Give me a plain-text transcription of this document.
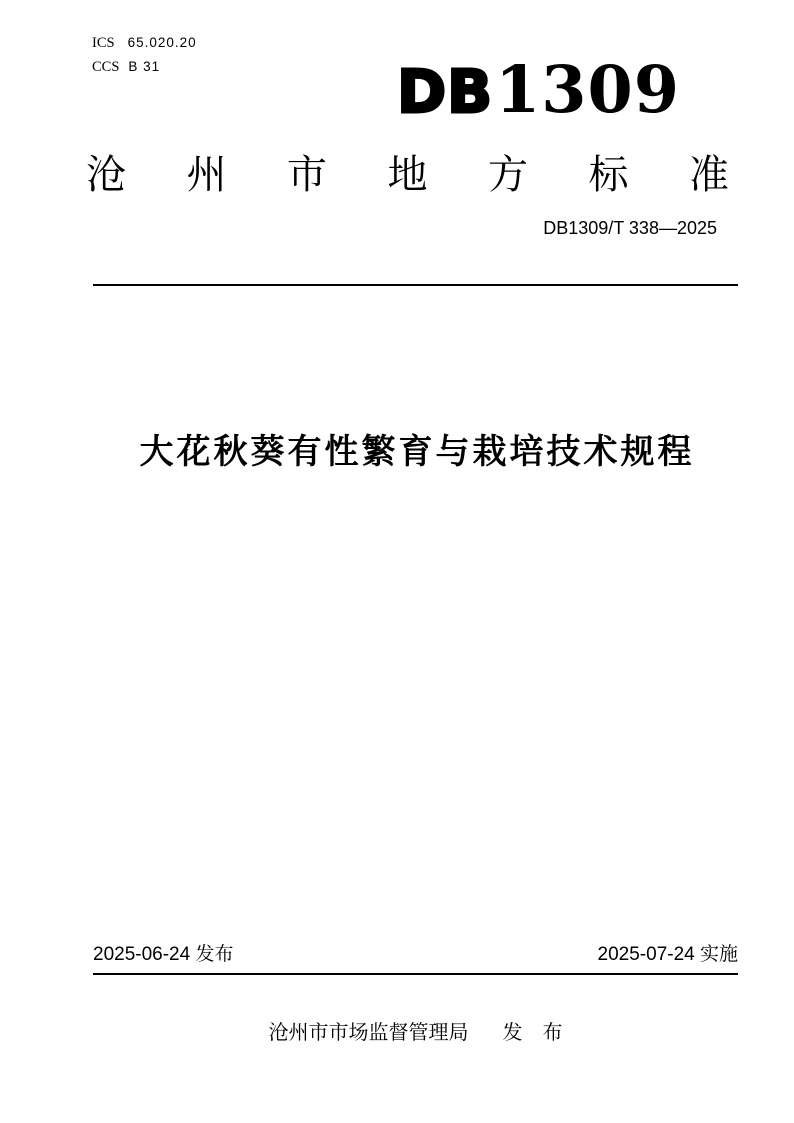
ICS 65.020.20
CCS B 31	DB 1309
沧 州 市 地 方 标 准
DB1309/T 338—2025
大花秋葵有性繁育与栽培技术规程
2025-06-24 发布	2025-07-24 实施
沧州市市场监督管理局 发　布
